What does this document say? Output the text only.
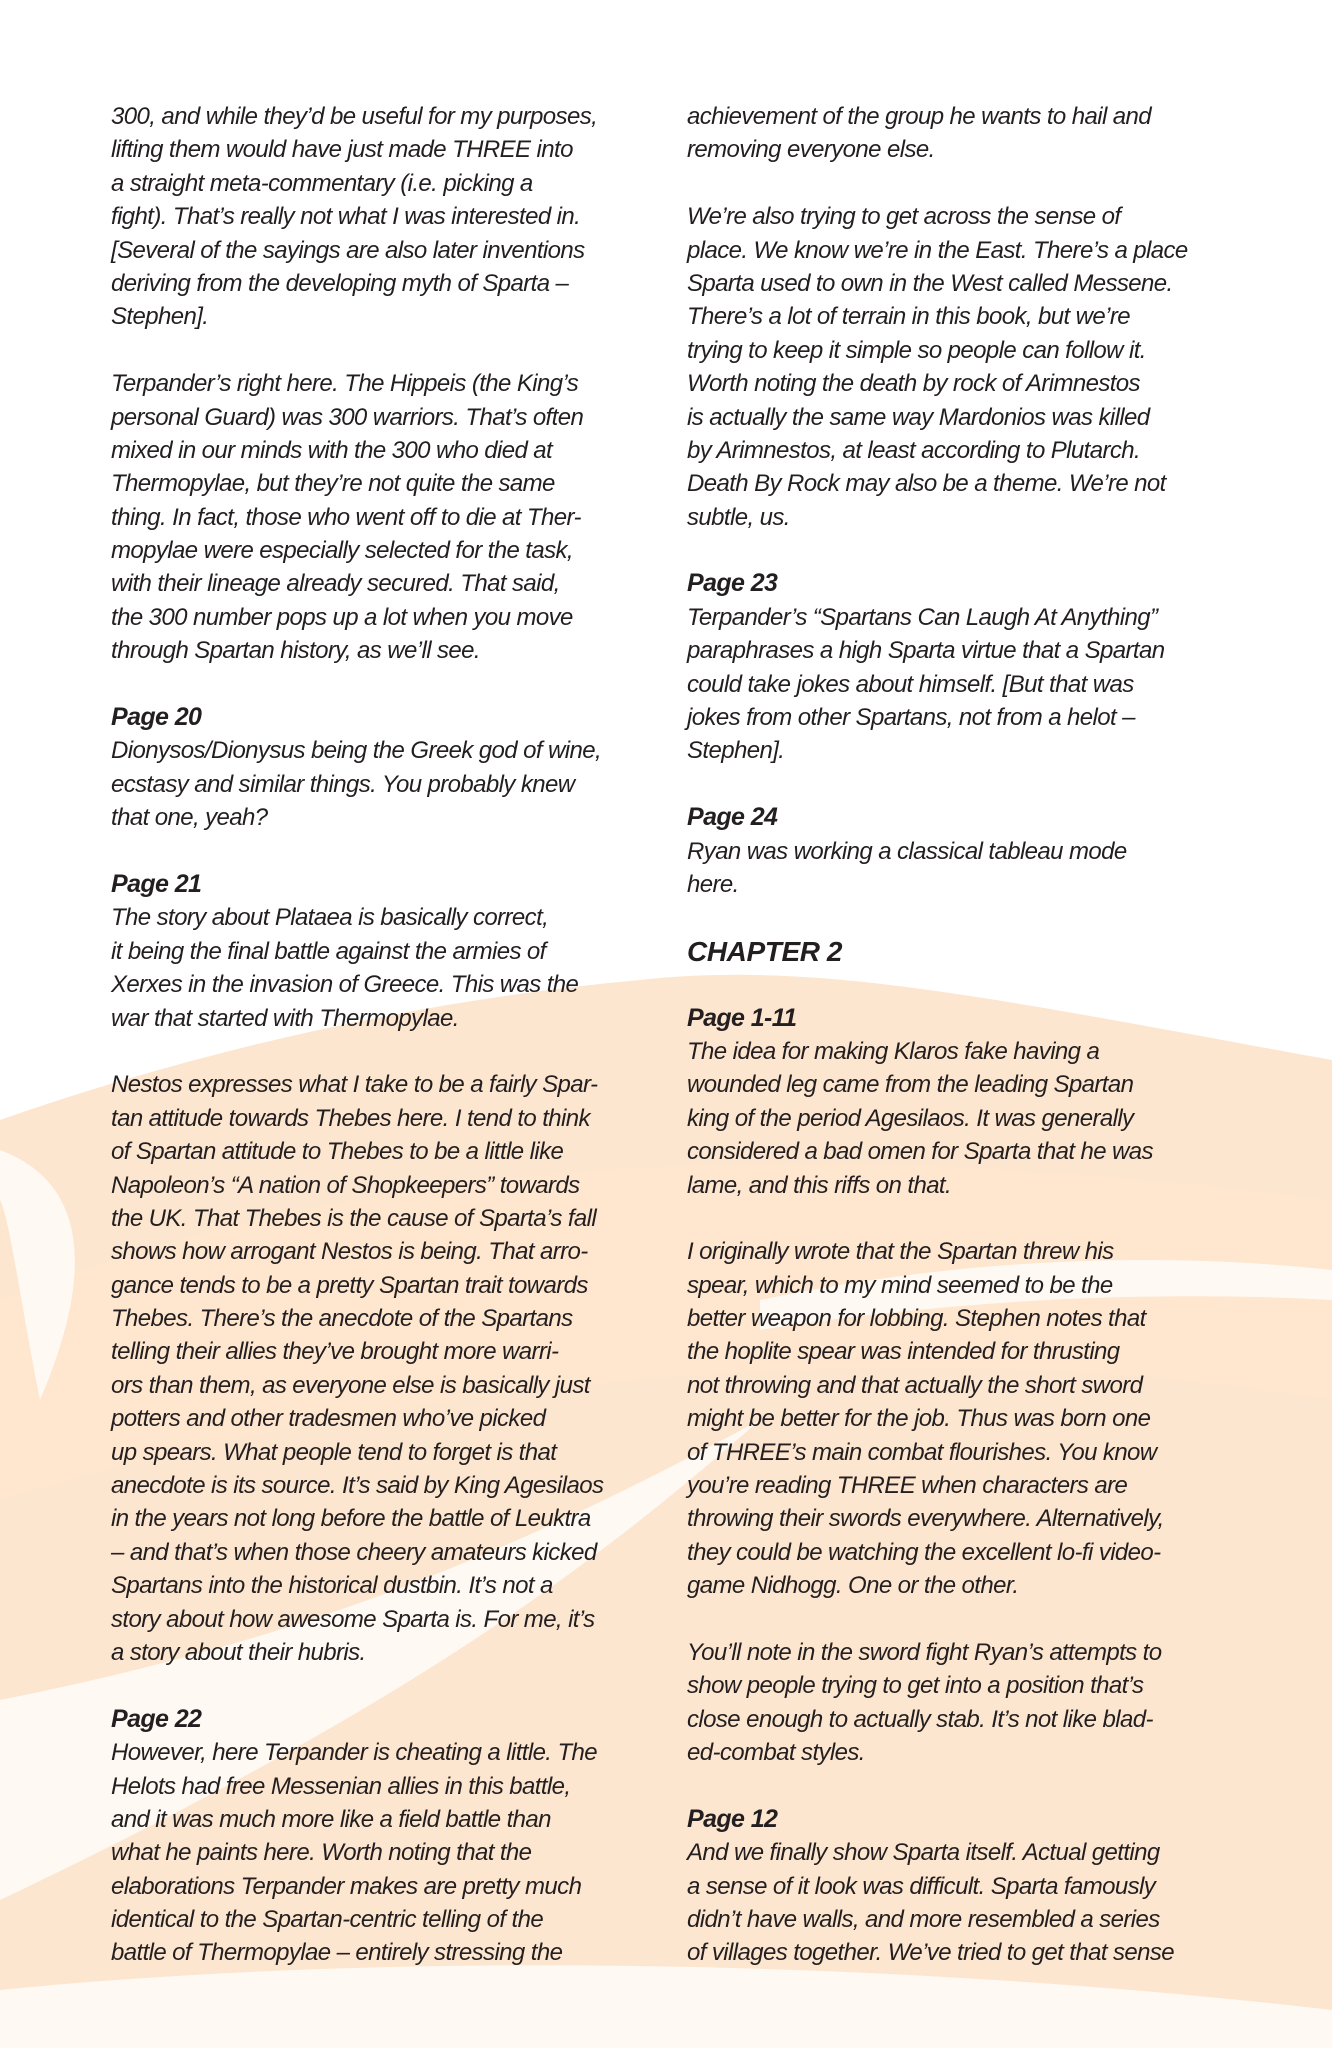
300, and while they’d be useful for my purposes,
lifting them would have just made THREE into
a straight meta-commentary (i.e. picking a
fight). That’s really not what I was interested in.
[Several of the sayings are also later inventions
deriving from the developing myth of Sparta –
Stephen].
Terpander’s right here. The Hippeis (the King’s
personal Guard) was 300 warriors. That’s often
mixed in our minds with the 300 who died at
Thermopylae, but they’re not quite the same
thing. In fact, those who went off to die at Ther-
mopylae were especially selected for the task,
with their lineage already secured. That said,
the 300 number pops up a lot when you move
through Spartan history, as we’ll see.
Page 20
Dionysos/Dionysus being the Greek god of wine,
ecstasy and similar things. You probably knew
that one, yeah?
Page 21
The story about Plataea is basically correct,
it being the final battle against the armies of
Xerxes in the invasion of Greece. This was the
war that started with Thermopylae.
Nestos expresses what I take to be a fairly Spar-
tan attitude towards Thebes here. I tend to think
of Spartan attitude to Thebes to be a little like
Napoleon’s “A nation of Shopkeepers” towards
the UK. That Thebes is the cause of Sparta’s fall
shows how arrogant Nestos is being. That arro-
gance tends to be a pretty Spartan trait towards
Thebes. There’s the anecdote of the Spartans
telling their allies they’ve brought more warri-
ors than them, as everyone else is basically just
potters and other tradesmen who’ve picked
up spears. What people tend to forget is that
anecdote is its source. It’s said by King Agesilaos
in the years not long before the battle of Leuktra
– and that’s when those cheery amateurs kicked
Spartans into the historical dustbin. It’s not a
story about how awesome Sparta is. For me, it’s
a story about their hubris.
Page 22
However, here Terpander is cheating a little. The
Helots had free Messenian allies in this battle,
and it was much more like a field battle than
what he paints here. Worth noting that the
elaborations Terpander makes are pretty much
identical to the Spartan-centric telling of the
battle of Thermopylae – entirely stressing the
achievement of the group he wants to hail and
removing everyone else.
We’re also trying to get across the sense of
place. We know we’re in the East. There’s a place
Sparta used to own in the West called Messene.
There’s a lot of terrain in this book, but we’re
trying to keep it simple so people can follow it.
Worth noting the death by rock of Arimnestos
is actually the same way Mardonios was killed
by Arimnestos, at least according to Plutarch.
Death By Rock may also be a theme. We’re not
subtle, us.
Page 23
Terpander’s “Spartans Can Laugh At Anything”
paraphrases a high Sparta virtue that a Spartan
could take jokes about himself. [But that was
jokes from other Spartans, not from a helot –
Stephen].
Page 24
Ryan was working a classical tableau mode
here.
CHAPTER 2
Page 1-11
The idea for making Klaros fake having a
wounded leg came from the leading Spartan
king of the period Agesilaos. It was generally
considered a bad omen for Sparta that he was
lame, and this riffs on that.
I originally wrote that the Spartan threw his
spear, which to my mind seemed to be the
better weapon for lobbing. Stephen notes that
the hoplite spear was intended for thrusting
not throwing and that actually the short sword
might be better for the job. Thus was born one
of THREE’s main combat flourishes. You know
you’re reading THREE when characters are
throwing their swords everywhere. Alternatively,
they could be watching the excellent lo-fi video-
game Nidhogg. One or the other.
You’ll note in the sword fight Ryan’s attempts to
show people trying to get into a position that’s
close enough to actually stab. It’s not like blad-
ed-combat styles.
Page 12
And we finally show Sparta itself. Actual getting
a sense of it look was difficult. Sparta famously
didn’t have walls, and more resembled a series
of villages together. We’ve tried to get that sense
